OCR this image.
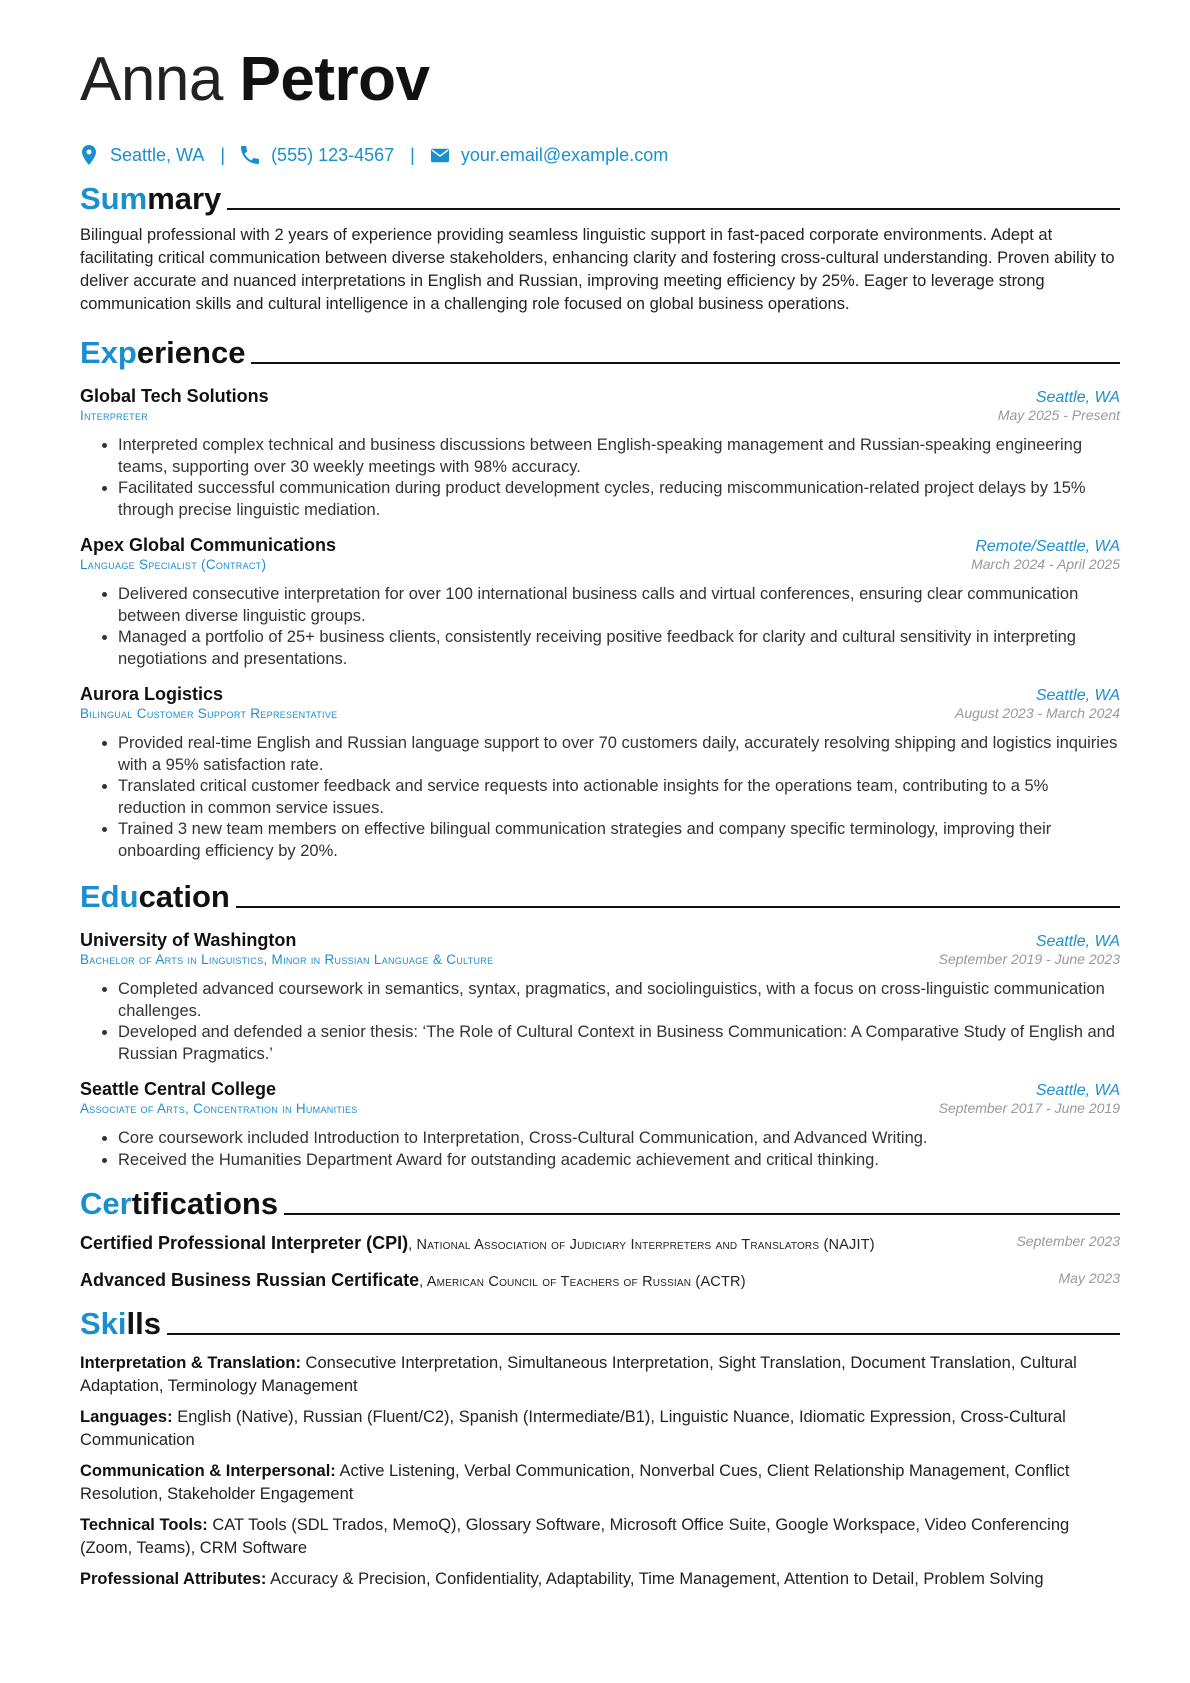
Anna Petrov
Seattle, WA |	(555) 123-4567 |	your.email@example.com
Summary

Bilingual professional with 2 years of experience providing seamless linguistic support in fast-paced corporate environments. Adept at facilitating critical communication between diverse stakeholders, enhancing clarity and fostering cross-cultural understanding. Proven ability to deliver accurate and nuanced interpretations in English and Russian, improving meeting efficiency by 25%. Eager to leverage strong communication skills and cultural intelligence in a challenging role focused on global business operations.

Experience
Global Tech Solutions	Seattle, WA
Interpreter	May 2025 - Present
• Interpreted complex technical and business discussions between English-speaking management and Russian-speaking engineering teams, supporting over 30 weekly meetings with 98% accuracy.
• Facilitated successful communication during product development cycles, reducing miscommunication-related project delays by 15% through precise linguistic mediation.
Apex Global Communications	Remote/Seattle, WA
Language Specialist (Contract)	March 2024 - April 2025
• Delivered consecutive interpretation for over 100 international business calls and virtual conferences, ensuring clear communication between diverse linguistic groups.
• Managed a portfolio of 25+ business clients, consistently receiving positive feedback for clarity and cultural sensitivity in interpreting negotiations and presentations.
Aurora Logistics	Seattle, WA
Bilingual Customer Support Representative	August 2023 - March 2024
• Provided real-time English and Russian language support to over 70 customers daily, accurately resolving shipping and logistics inquiries with a 95% satisfaction rate.
• Translated critical customer feedback and service requests into actionable insights for the operations team, contributing to a 5% reduction in common service issues.
• Trained 3 new team members on effective bilingual communication strategies and company specific terminology, improving their onboarding efficiency by 20%.
Education
University of Washington	Seattle, WA
Bachelor of Arts in Linguistics, Minor in Russian Language & Culture	September 2019 - June 2023
• Completed advanced coursework in semantics, syntax, pragmatics, and sociolinguistics, with a focus on cross-linguistic communication challenges.
• Developed and defended a senior thesis: ‘The Role of Cultural Context in Business Communication: A Comparative Study of English and Russian Pragmatics.’
Seattle Central College	Seattle, WA
Associate of Arts, Concentration in Humanities	September 2017 - June 2019
• Core coursework included Introduction to Interpretation, Cross-Cultural Communication, and Advanced Writing.
• Received the Humanities Department Award for outstanding academic achievement and critical thinking.
Certifications
Certified Professional Interpreter (CPI), National Association of Judiciary Interpreters and Translators (NAJIT)	September 2023
Advanced Business Russian Certificate, American Council of Teachers of Russian (ACTR)	May 2023
Skills
Interpretation & Translation: Consecutive Interpretation, Simultaneous Interpretation, Sight Translation, Document Translation, Cultural Adaptation, Terminology Management
Languages: English (Native), Russian (Fluent/C2), Spanish (Intermediate/B1), Linguistic Nuance, Idiomatic Expression, Cross-Cultural Communication
Communication & Interpersonal: Active Listening, Verbal Communication, Nonverbal Cues, Client Relationship Management, Conflict Resolution, Stakeholder Engagement
Technical Tools: CAT Tools (SDL Trados, MemoQ), Glossary Software, Microsoft Office Suite, Google Workspace, Video Conferencing (Zoom, Teams), CRM Software
Professional Attributes: Accuracy & Precision, Confidentiality, Adaptability, Time Management, Attention to Detail, Problem Solving
